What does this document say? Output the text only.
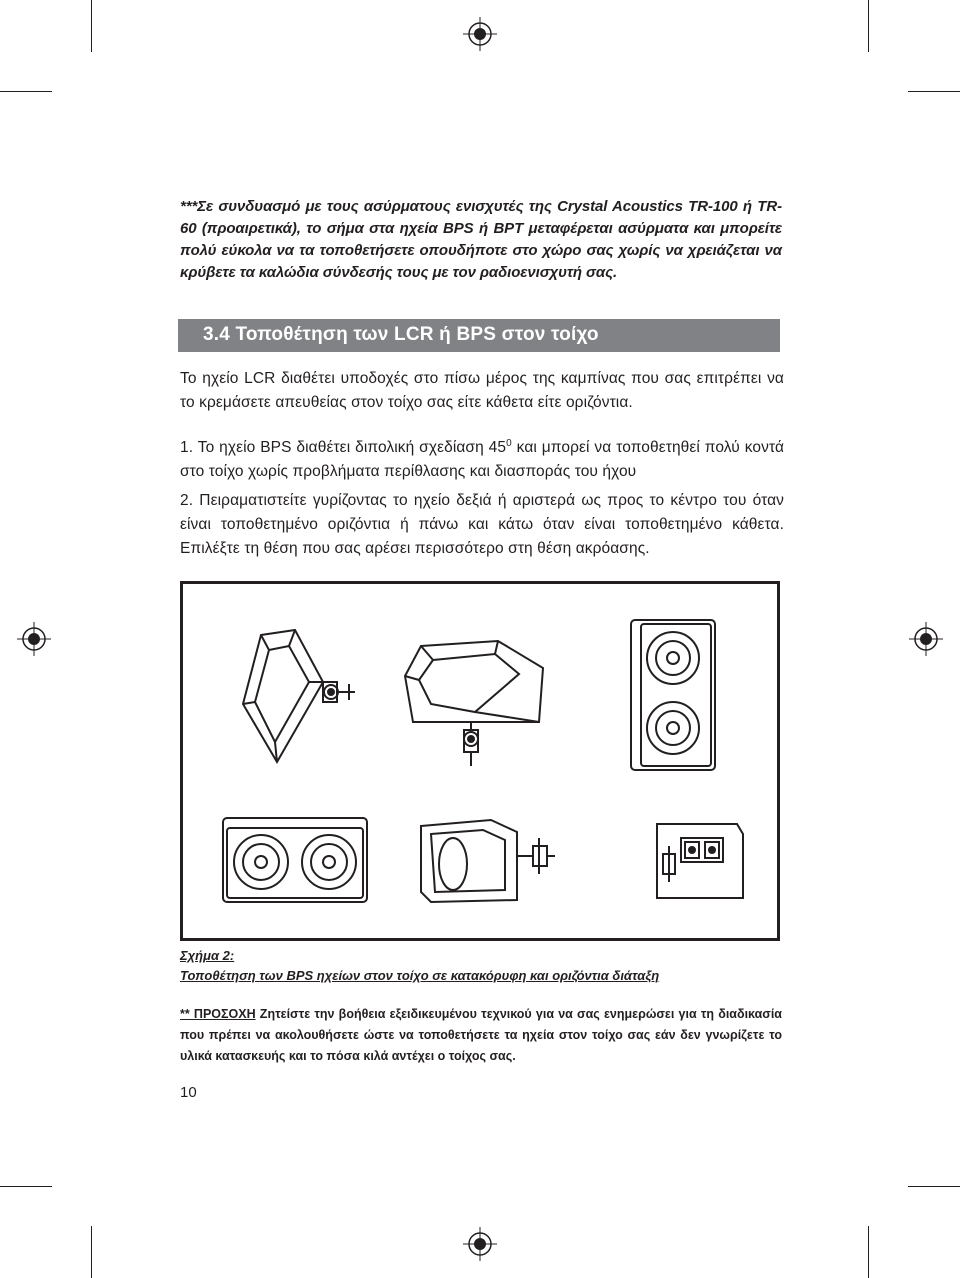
***Σε συνδυασμό με τους ασύρματους ενισχυτές της Crystal Acoustics TR-100 ή TR-60 (προαιρετικά), το σήμα στα ηχεία BPS ή BPT μεταφέρεται ασύρματα και μπορείτε πολύ εύκολα να τα τοποθετήσετε οπουδήποτε στο χώρο σας χωρίς να χρειάζεται να κρύβετε τα καλώδια σύνδεσής τους με τον ραδιοενισχυτή σας.
3.4 Τοποθέτηση των LCR ή BPS στον τοίχο
Το ηχείο LCR διαθέτει υποδοχές στο πίσω μέρος της καμπίνας που σας επιτρέπει να το κρεμάσετε απευθείας στον τοίχο σας είτε κάθετα είτε οριζόντια.
1. Το ηχείο BPS διαθέτει διπολική σχεδίαση $45^0$ και μπορεί να τοποθετηθεί πολύ κοντά στο τοίχο χωρίς προβλήματα περίθλασης και διασποράς του ήχου
2. Πειραματιστείτε γυρίζοντας το ηχείο δεξιά ή αριστερά ως προς το κέντρο του όταν είναι τοποθετημένο οριζόντια ή πάνω και κάτω όταν είναι τοποθετημένο κάθετα. Επιλέξτε τη θέση που σας αρέσει περισσότερο στη θέση ακρόασης.
Σχήμα 2:
Τοποθέτηση των BPS ηχείων στον τοίχο σε κατακόρυφη και οριζόντια διάταξη
** ΠΡΟΣΟΧΗ Ζητείστε την βοήθεια εξειδικευμένου τεχνικού για να σας ενημερώσει για τη διαδικασία που πρέπει να ακολουθήσετε ώστε να τοποθετήσετε τα ηχεία στον τοίχο σας εάν δεν γνωρίζετε το υλικά κατασκευής και το πόσα κιλά αντέχει ο τοίχος σας.
10
